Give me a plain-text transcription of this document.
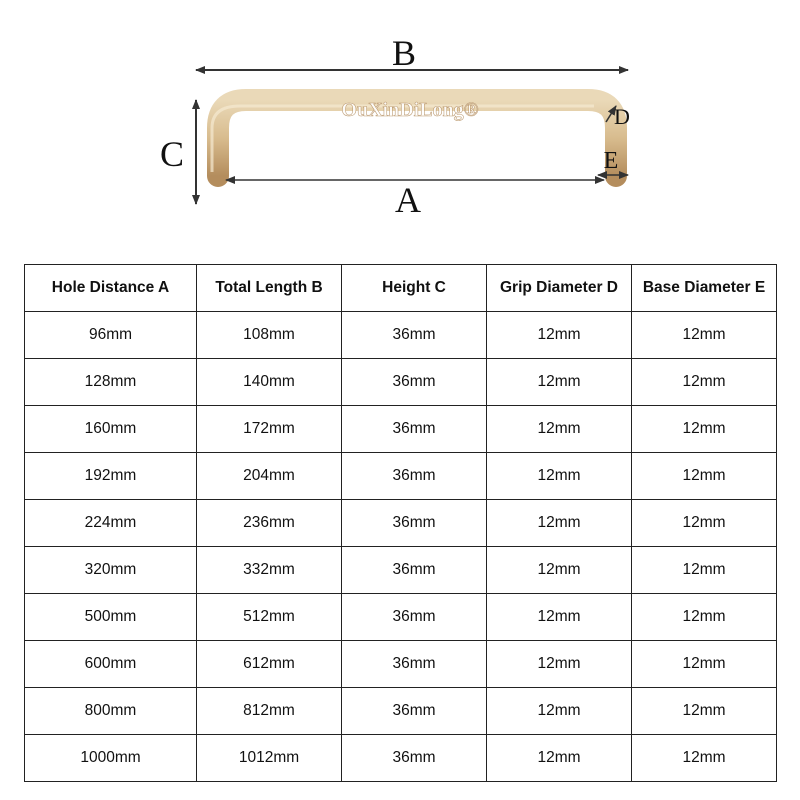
B
C
A
D
E
OuXinDiLong®
Hole Distance A	Total Length B	Height C	Grip Diameter D	Base Diameter E
96mm	108mm	36mm	12mm	12mm
128mm	140mm	36mm	12mm	12mm
160mm	172mm	36mm	12mm	12mm
192mm	204mm	36mm	12mm	12mm
224mm	236mm	36mm	12mm	12mm
320mm	332mm	36mm	12mm	12mm
500mm	512mm	36mm	12mm	12mm
600mm	612mm	36mm	12mm	12mm
800mm	812mm	36mm	12mm	12mm
1000mm	1012mm	36mm	12mm	12mm
